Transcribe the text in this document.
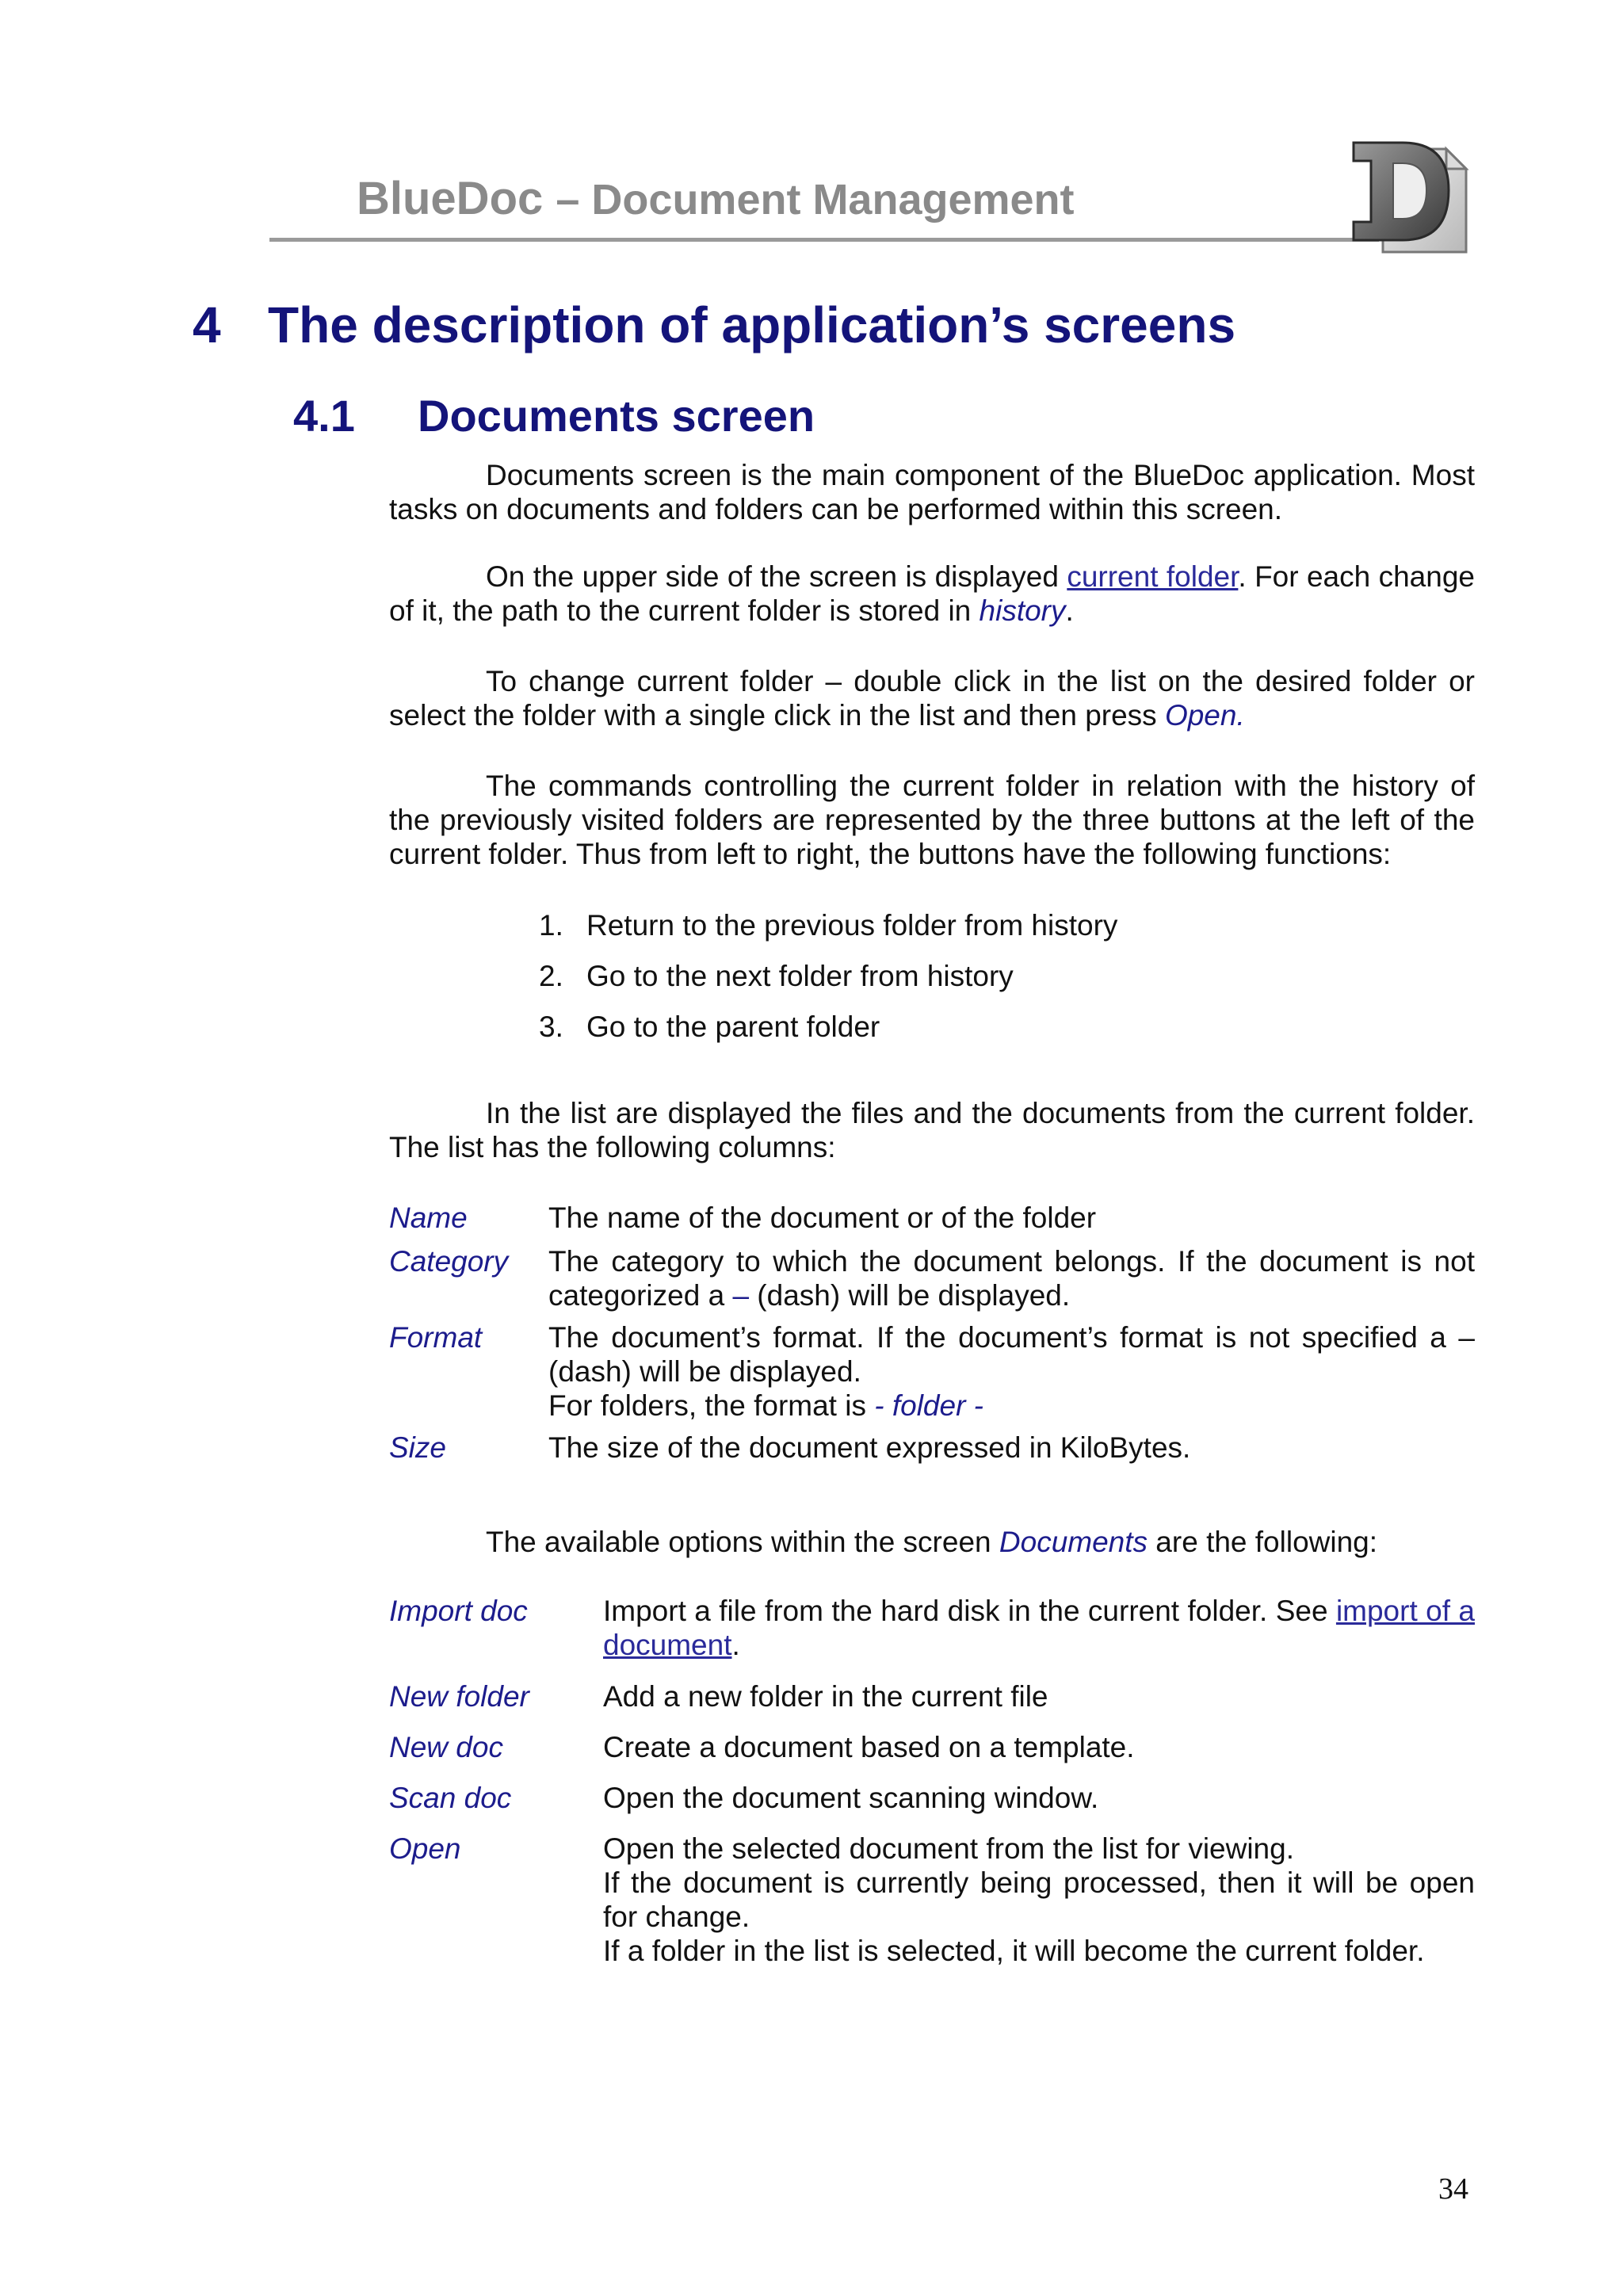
BlueDoc – Document Management
4 The description of application’s screens
4.1 Documents screen
Documents screen is the main component of the BlueDoc application. Most tasks on documents and folders can be performed within this screen.
On the upper side of the screen is displayed current folder. For each change of it, the path to the current folder is stored in history.
To change current folder – double click in the list on the desired folder or select the folder with a single click in the list and then press Open.
The commands controlling the current folder in relation with the history of the previously visited folders are represented by the three buttons at the left of the current folder. Thus from left to right, the buttons have the following functions:
1. Return to the previous folder from history
2. Go to the next folder from history
3. Go to the parent folder
In the list are displayed the files and the documents from the current folder. The list has the following columns:
Name	The name of the document or of the folder
Category The category to which the document belongs. If the document is not categorized a – (dash) will be displayed.
Format The document’s format. If the document’s format is not specified a – (dash) will be displayed.
For folders, the format is - folder -
Size	The size of the document expressed in KiloBytes.
The available options within the screen Documents are the following:
Import doc	Import a file from the hard disk in the current folder. See import of a document.
New folder	Add a new folder in the current file
New doc	Create a document based on a template.
Scan doc	Open the document scanning window.
Open	Open the selected document from the list for viewing.
If the document is currently being processed, then it will be open for change.
If a folder in the list is selected, it will become the current folder.
34
